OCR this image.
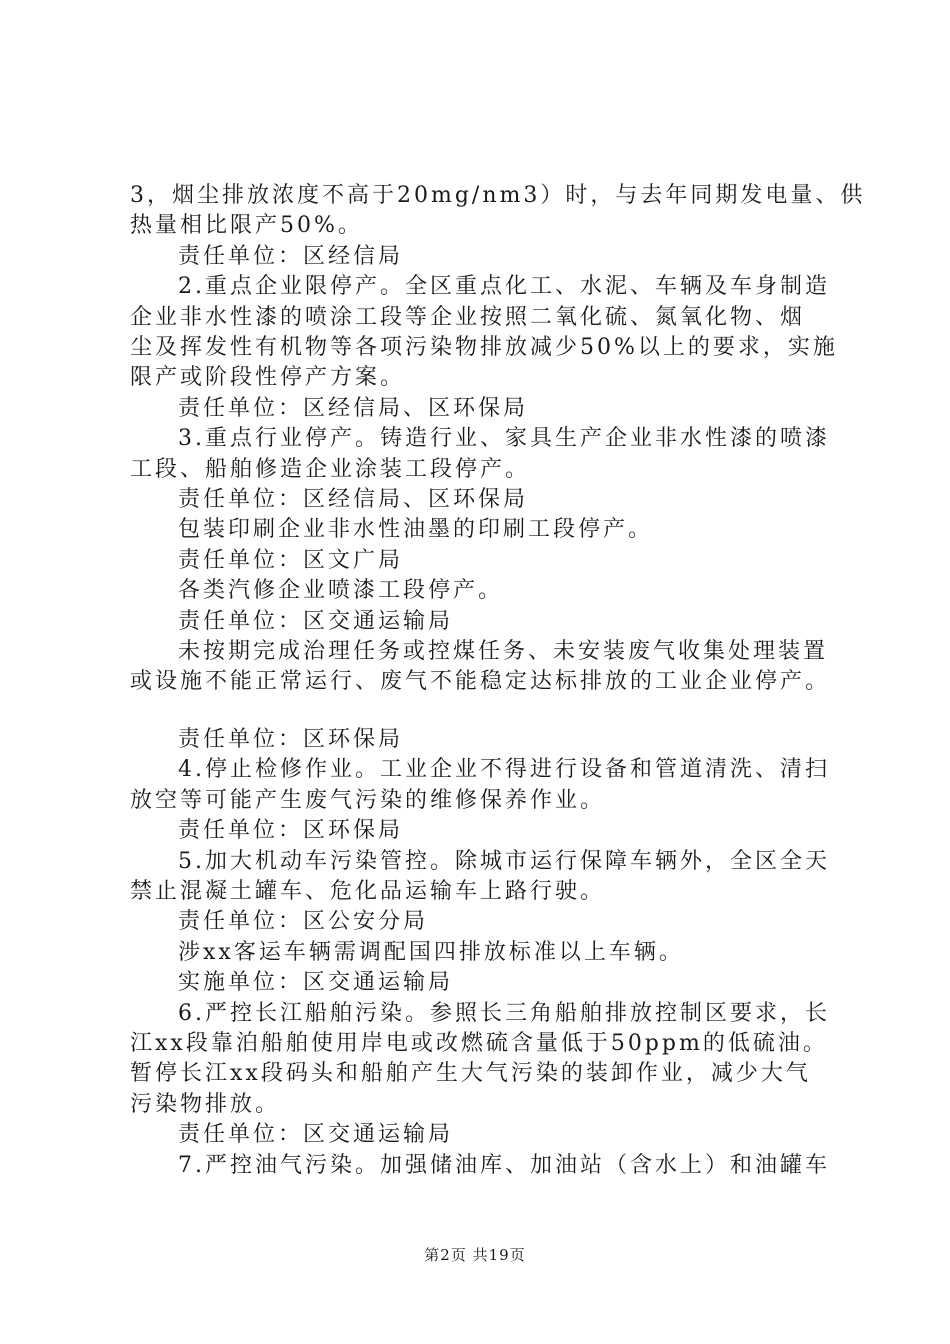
3，烟尘排放浓度不高于20mg/nm3）时，与去年同期发电量、供
热量相比限产50%。
责任单位：区经信局
2.重点企业限停产。全区重点化工、水泥、车辆及车身制造
企业非水性漆的喷涂工段等企业按照二氧化硫、氮氧化物、烟
尘及挥发性有机物等各项污染物排放减少50%以上的要求，实施
限产或阶段性停产方案。
责任单位：区经信局、区环保局
3.重点行业停产。铸造行业、家具生产企业非水性漆的喷漆
工段、船舶修造企业涂装工段停产。
责任单位：区经信局、区环保局
包装印刷企业非水性油墨的印刷工段停产。
责任单位：区文广局
各类汽修企业喷漆工段停产。
责任单位：区交通运输局
未按期完成治理任务或控煤任务、未安装废气收集处理装置
或设施不能正常运行、废气不能稳定达标排放的工业企业停产。
责任单位：区环保局
4.停止检修作业。工业企业不得进行设备和管道清洗、清扫
放空等可能产生废气污染的维修保养作业。
责任单位：区环保局
5.加大机动车污染管控。除城市运行保障车辆外，全区全天
禁止混凝土罐车、危化品运输车上路行驶。
责任单位：区公安分局
涉xx客运车辆需调配国四排放标准以上车辆。
实施单位：区交通运输局
6.严控长江船舶污染。参照长三角船舶排放控制区要求，长
江xx段靠泊船舶使用岸电或改燃硫含量低于50ppm的低硫油。
暂停长江xx段码头和船舶产生大气污染的装卸作业，减少大气
污染物排放。
责任单位：区交通运输局
7.严控油气污染。加强储油库、加油站（含水上）和油罐车
第2页 共19页
